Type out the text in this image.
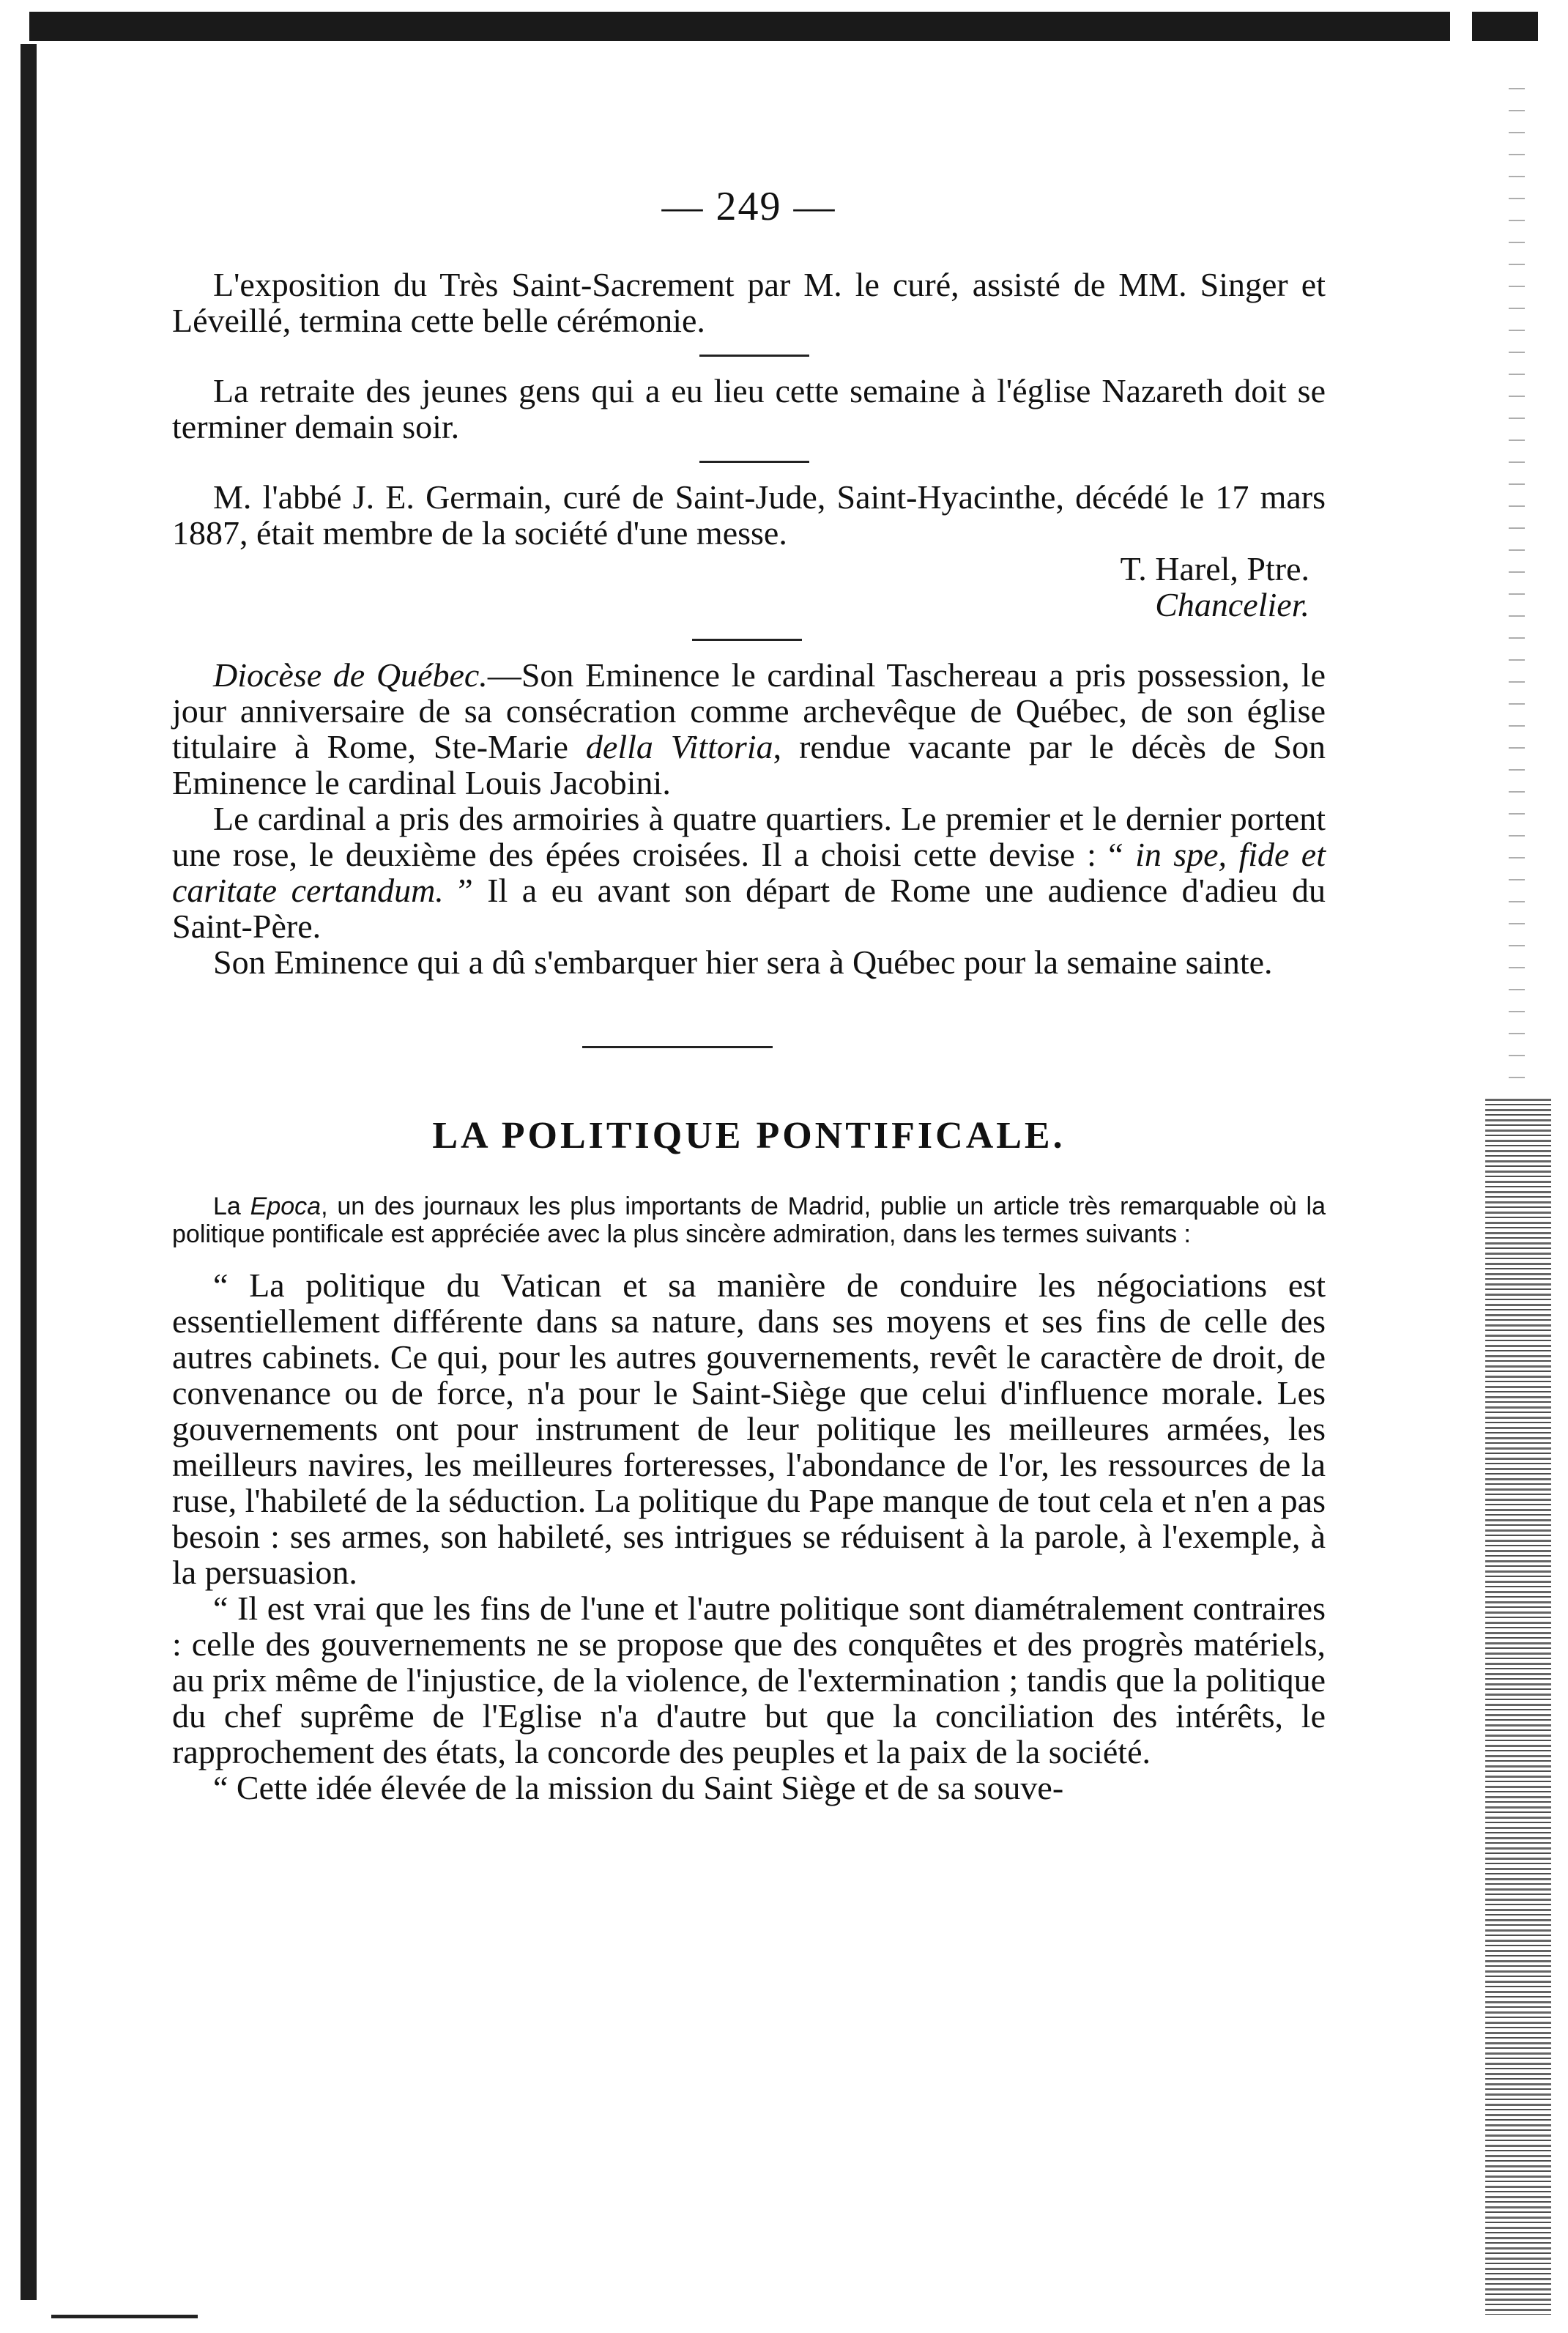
— 249 —

L'exposition du Très Saint-Sacrement par M. le curé, assisté de MM. Singer et Léveillé, termina cette belle cérémonie.

La retraite des jeunes gens qui a eu lieu cette semaine à l'église Nazareth doit se terminer demain soir.

M. l'abbé J. E. Germain, curé de Saint-Jude, Saint-Hyacinthe, décédé le 17 mars 1887, était membre de la société d'une messe.

T. Harel, Ptre.

Chancelier.

Diocèse de Québec.—Son Eminence le cardinal Taschereau a pris possession, le jour anniversaire de sa consécration comme archevêque de Québec, de son église titulaire à Rome, Ste-Marie della Vittoria, rendue vacante par le décès de Son Eminence le cardinal Louis Jacobini.

Le cardinal a pris des armoiries à quatre quartiers. Le premier et le dernier portent une rose, le deuxième des épées croisées. Il a choisi cette devise : “ in spe, fide et caritate certandum. ” Il a eu avant son départ de Rome une audience d'adieu du Saint-Père.

Son Eminence qui a dû s'embarquer hier sera à Québec pour la semaine sainte.

LA POLITIQUE PONTIFICALE.

La Epoca, un des journaux les plus importants de Madrid, publie un article très remarquable où la politique pontificale est appréciée avec la plus sincère admiration, dans les termes suivants :

“ La politique du Vatican et sa manière de conduire les négociations est essentiellement différente dans sa nature, dans ses moyens et ses fins de celle des autres cabinets. Ce qui, pour les autres gouvernements, revêt le caractère de droit, de convenance ou de force, n'a pour le Saint-Siège que celui d'influence morale. Les gouvernements ont pour instrument de leur politique les meilleures armées, les meilleurs navires, les meilleures forteresses, l'abondance de l'or, les ressources de la ruse, l'habileté de la séduction. La politique du Pape manque de tout cela et n'en a pas besoin : ses armes, son habileté, ses intrigues se réduisent à la parole, à l'exemple, à la persuasion.

“ Il est vrai que les fins de l'une et l'autre politique sont diamétralement contraires : celle des gouvernements ne se propose que des conquêtes et des progrès matériels, au prix même de l'injustice, de la violence, de l'extermination ; tandis que la politique du chef suprême de l'Eglise n'a d'autre but que la conciliation des intérêts, le rapprochement des états, la concorde des peuples et la paix de la société.

“ Cette idée élevée de la mission du Saint Siège et de sa souve-
